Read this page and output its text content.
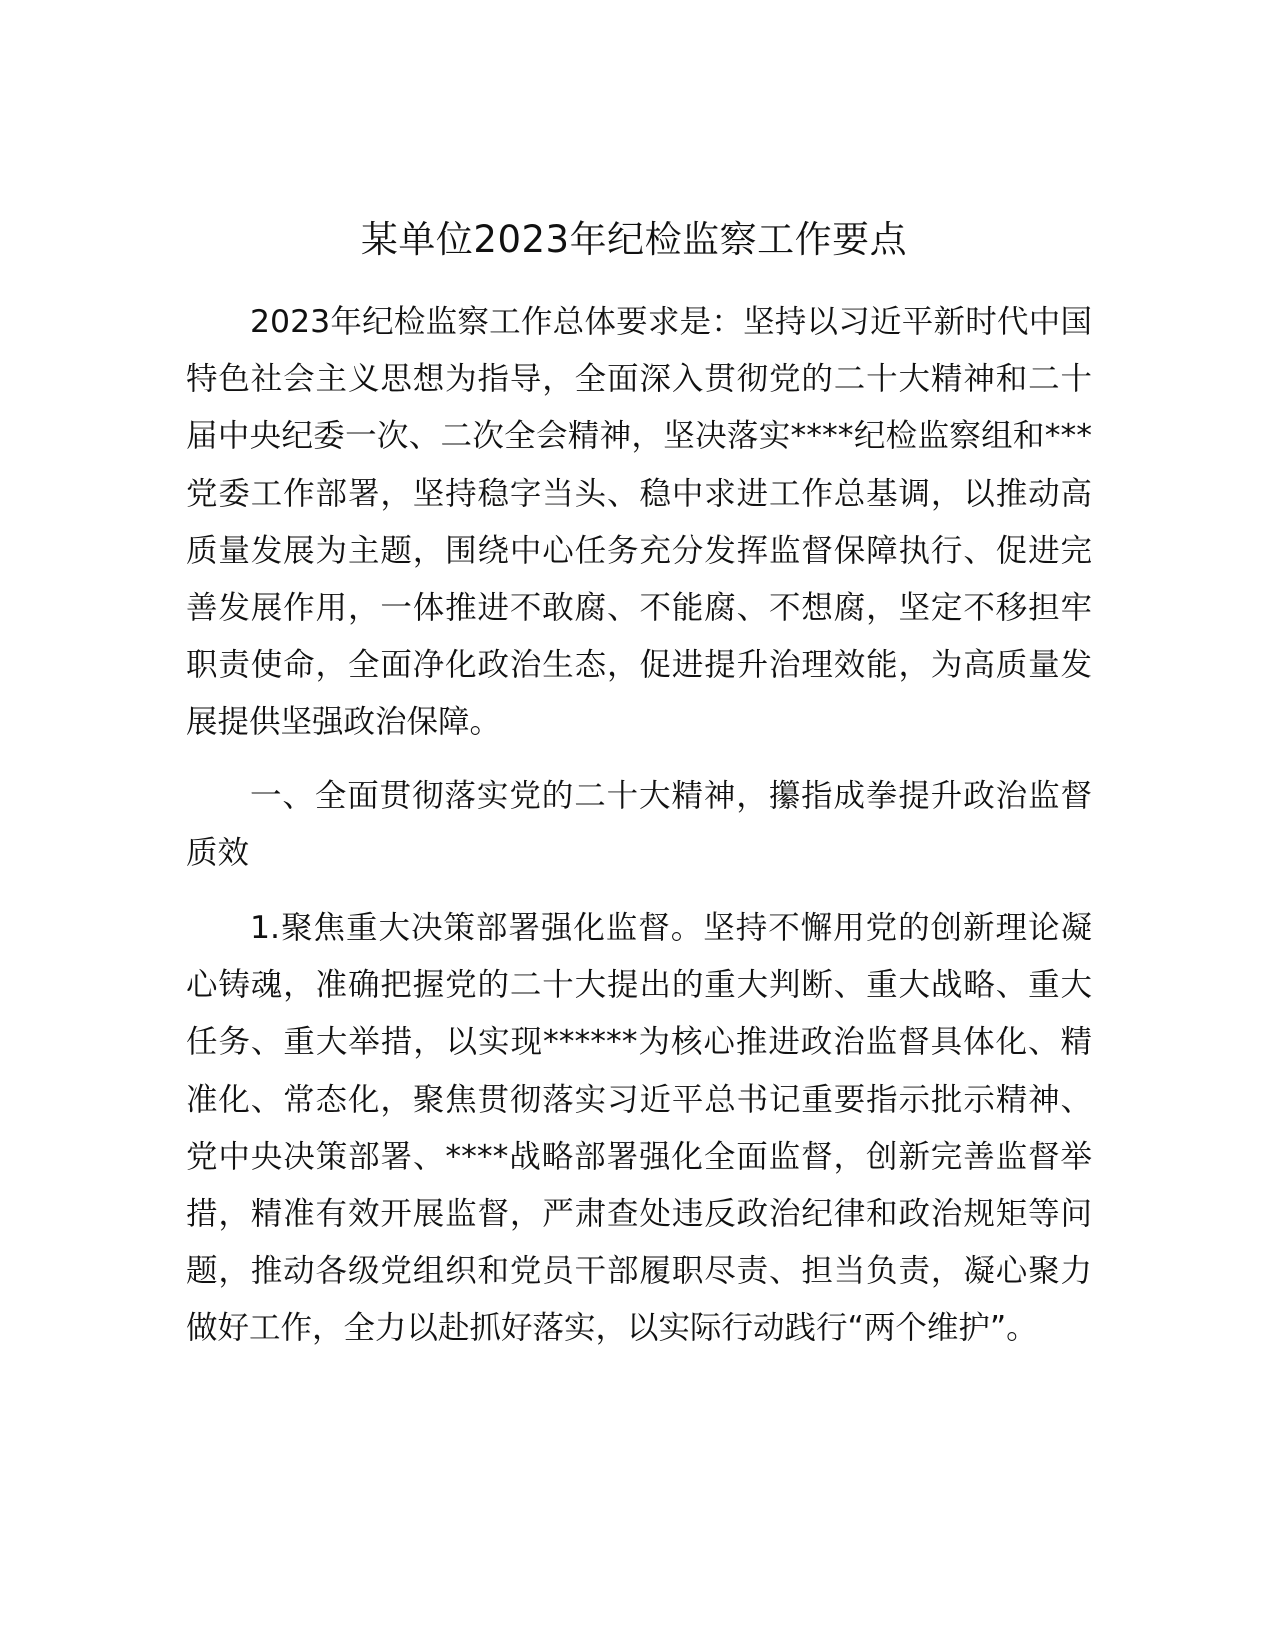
某单位2023年纪检监察工作要点

2023年纪检监察工作总体要求是：坚持以习近平新时代中国特色社会主义思想为指导，全面深入贯彻党的二十大精神和二十届中央纪委一次、二次全会精神，坚决落实****纪检监察组和***党委工作部署，坚持稳字当头、稳中求进工作总基调，以推动高质量发展为主题，围绕中心任务充分发挥监督保障执行、促进完善发展作用，一体推进不敢腐、不能腐、不想腐，坚定不移担牢职责使命，全面净化政治生态，促进提升治理效能，为高质量发展提供坚强政治保障。

一、全面贯彻落实党的二十大精神，攥指成拳提升政治监督质效

1.聚焦重大决策部署强化监督。坚持不懈用党的创新理论凝心铸魂，准确把握党的二十大提出的重大判断、重大战略、重大任务、重大举措，以实现******为核心推进政治监督具体化、精准化、常态化，聚焦贯彻落实习近平总书记重要指示批示精神、党中央决策部署、****战略部署强化全面监督，创新完善监督举措，精准有效开展监督，严肃查处违反政治纪律和政治规矩等问题，推动各级党组织和党员干部履职尽责、担当负责，凝心聚力做好工作，全力以赴抓好落实，以实际行动践行“两个维护”。
